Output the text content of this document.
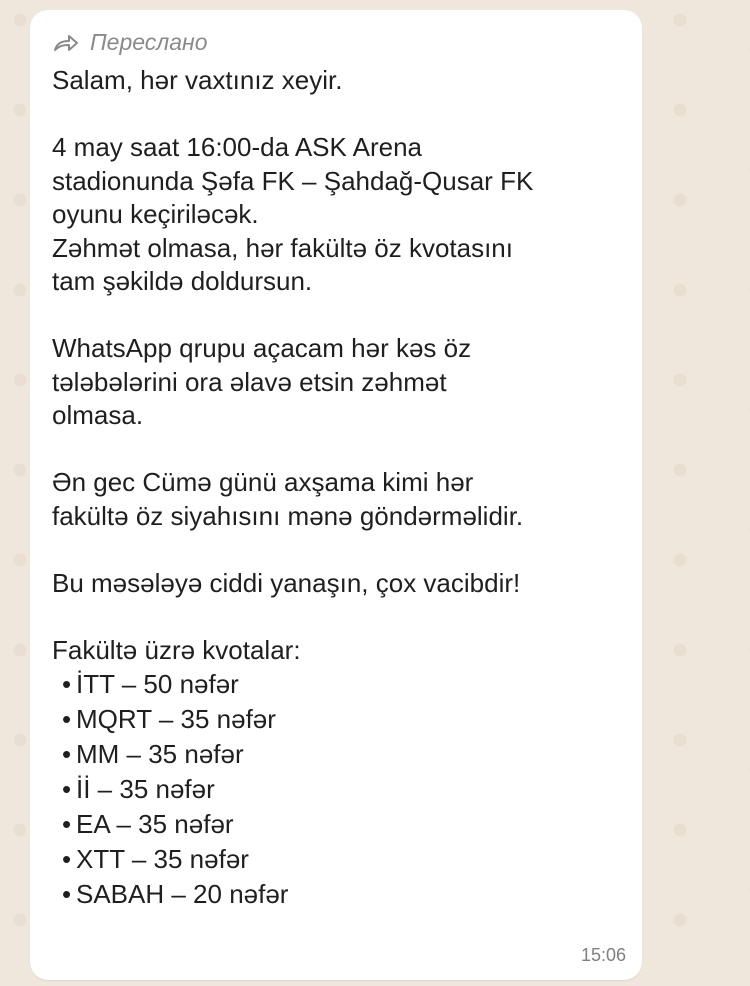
Переслано
Salam, hər vaxtınız xeyir.
4 may saat 16:00-da ASK Arena
stadionunda Şəfa FK – Şahdağ-Qusar FK
oyunu keçiriləcək.
Zəhmət olmasa, hər fakültə öz kvotasını
tam şəkildə doldursun.
WhatsApp qrupu açacam hər kəs öz
tələbələrini ora əlavə etsin zəhmət
olmasa.
Ən gec Cümə günü axşama kimi hər
fakültə öz siyahısını mənə göndərməlidir.
Bu məsələyə ciddi yanaşın, çox vacibdir!
Fakültə üzrə kvotalar:
• İTT – 50 nəfər
• MQRT – 35 nəfər
• MM – 35 nəfər
• İİ – 35 nəfər
• EA – 35 nəfər
• XTT – 35 nəfər
• SABAH – 20 nəfər
15:06
